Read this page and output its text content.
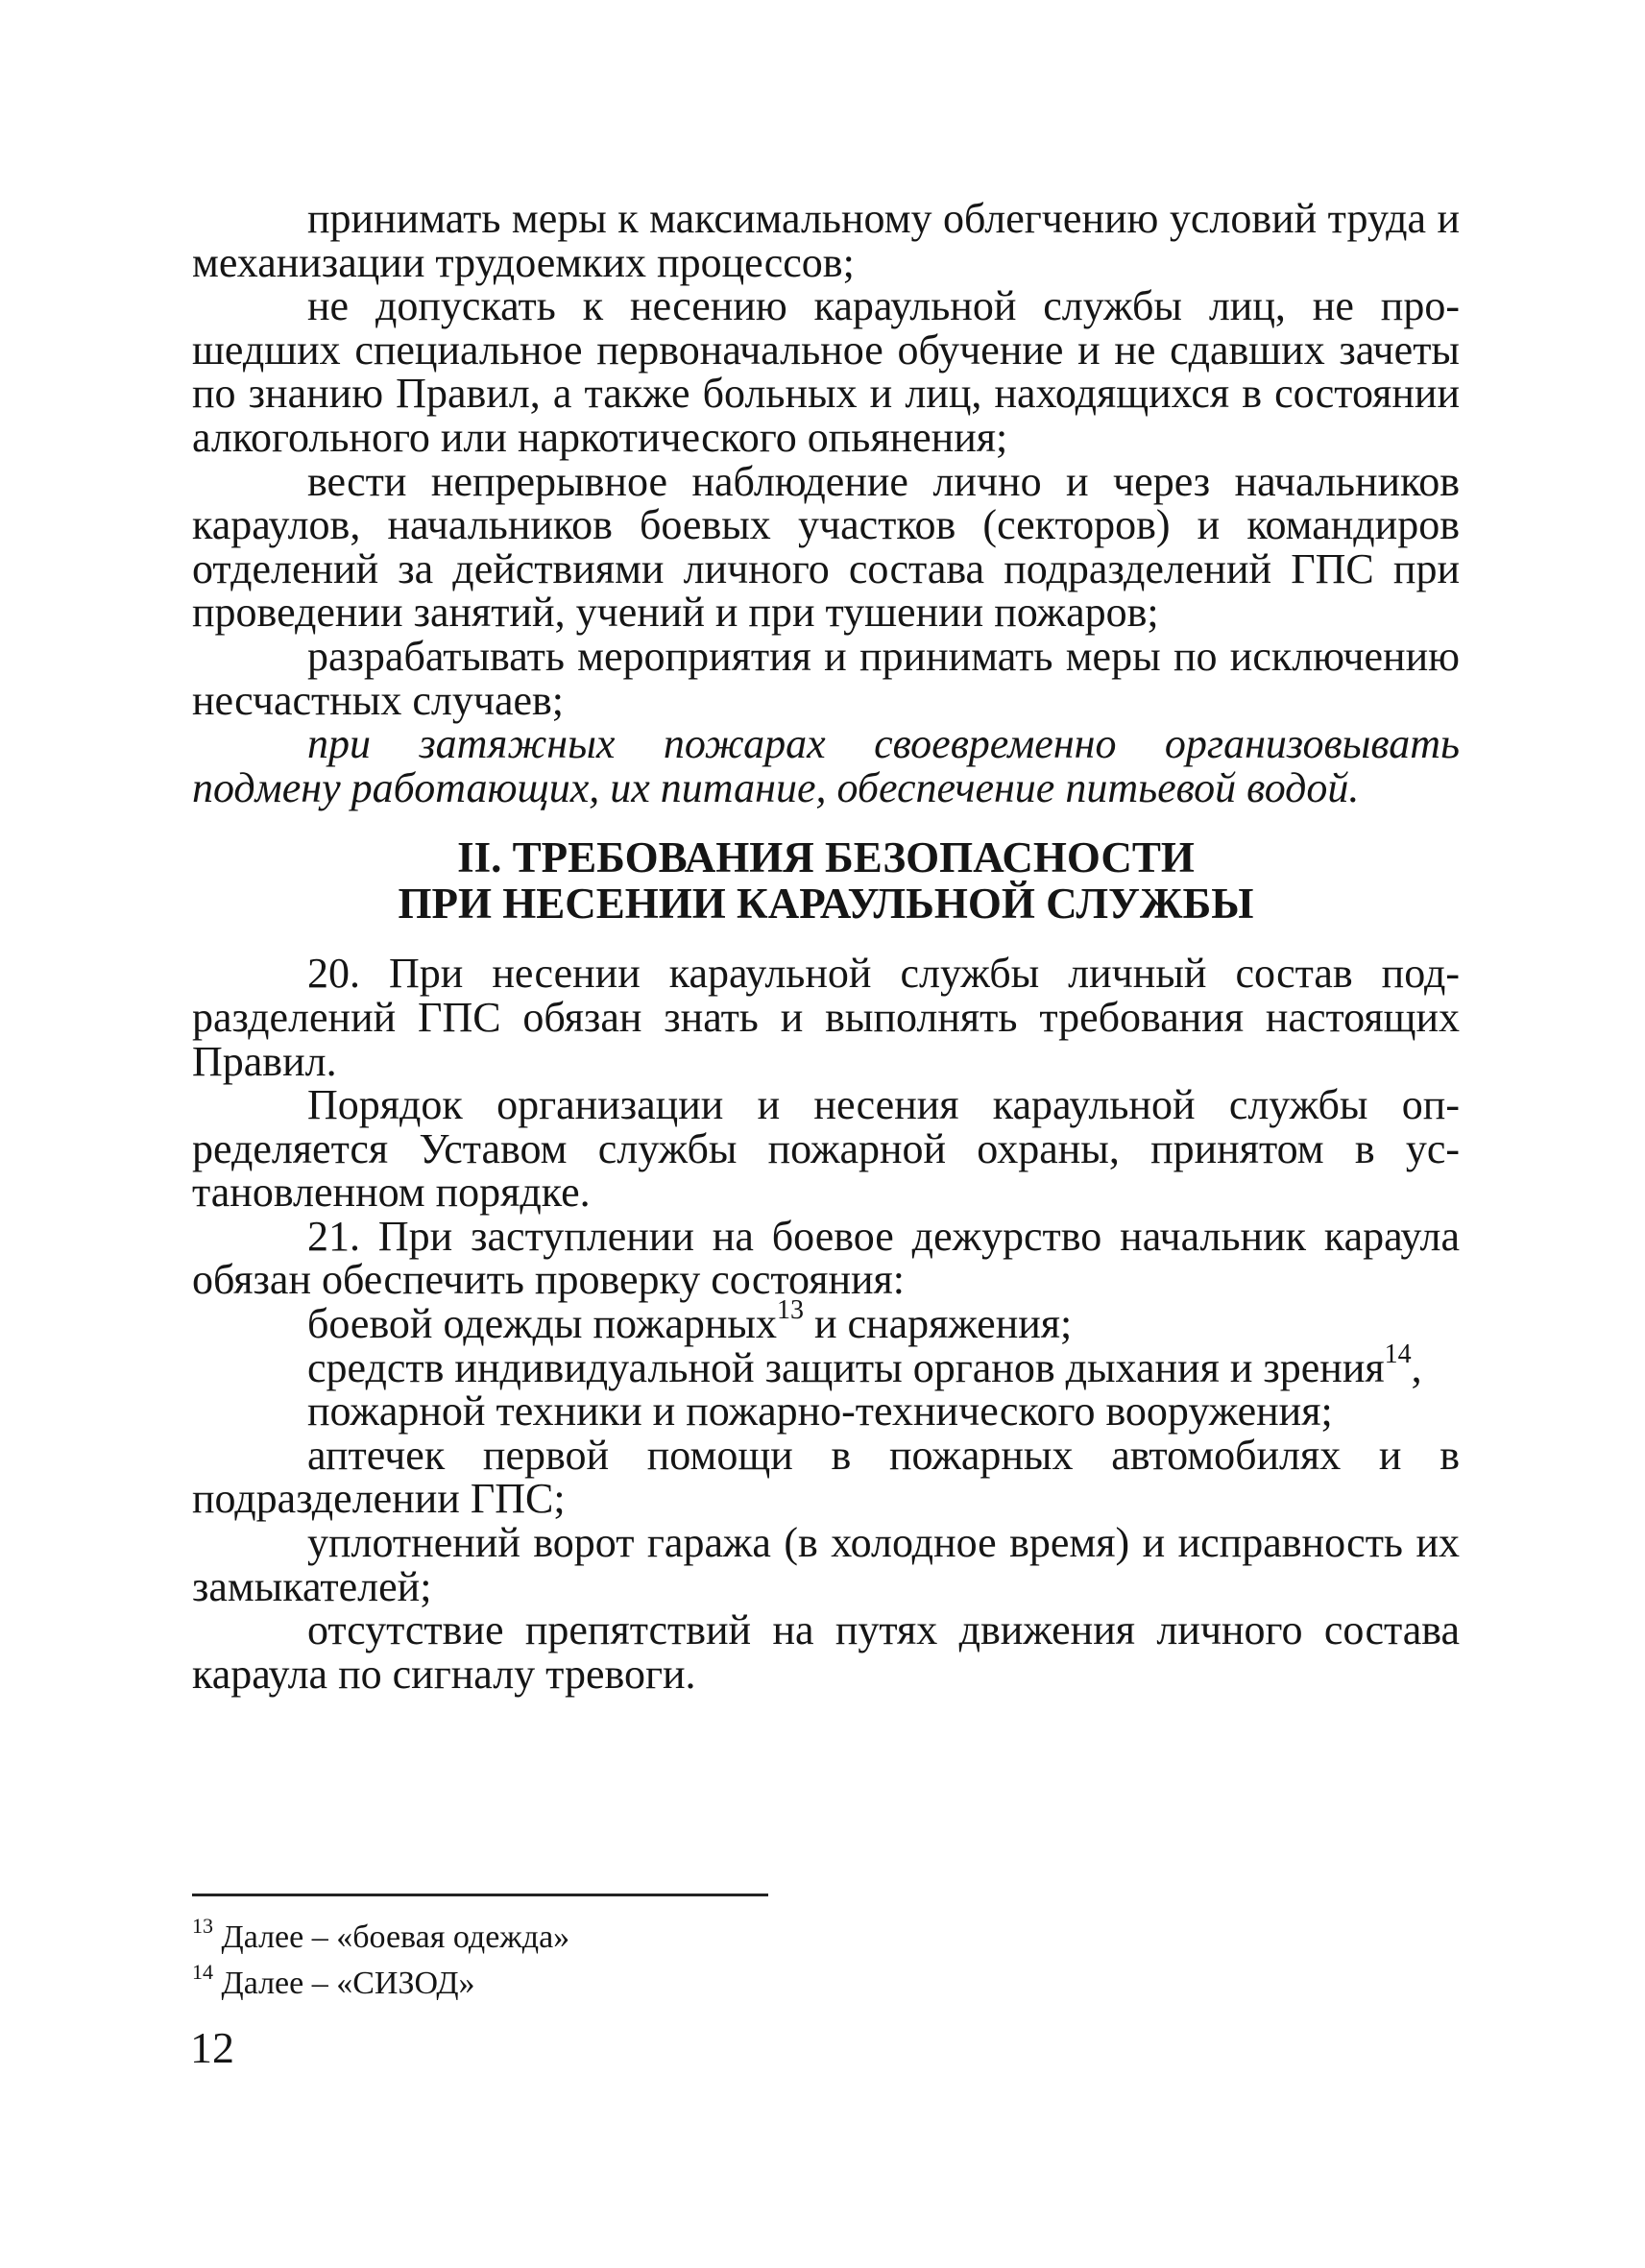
принимать меры к максимальному облегчению условий труда и механизации трудоемких процессов;

не допускать к несению караульной службы лиц, не прошедших специальное первоначальное обучение и не сдавших зачеты по знанию Правил, а также больных и лиц, находящихся в состоянии алкогольного или наркотического опьянения;

вести непрерывное наблюдение лично и через начальников караулов, начальников боевых участков (секторов) и командиров отделений за действиями личного состава подразделений ГПС при проведении занятий, учений и при тушении пожаров;

разрабатывать мероприятия и принимать меры по исключению несчастных случаев;

при затяжных пожарах своевременно организовывать подмену работающих, их питание, обеспечение питьевой водой.

II. ТРЕБОВАНИЯ БЕЗОПАСНОСТИ
ПРИ НЕСЕНИИ КАРАУЛЬНОЙ СЛУЖБЫ

20. При несении караульной службы личный состав подразделений ГПС обязан знать и выполнять требования настоящих Правил.

Порядок организации и несения караульной службы определяется Уставом службы пожарной охраны, принятом в установленном порядке.

21. При заступлении на боевое дежурство начальник караула обязан обеспечить проверку состояния:

боевой одежды пожарных$^{13}$ и снаряжения;

средств индивидуальной защиты органов дыхания и зрения$^{14}$,

пожарной техники и пожарно-технического вооружения;

аптечек первой помощи в пожарных автомобилях и в подразделении ГПС;

уплотнений ворот гаража (в холодное время) и исправность их замыкателей;

отсутствие препятствий на путях движения личного состава караула по сигналу тревоги.

$^{13}$ Далее – «боевая одежда»

$^{14}$ Далее – «СИЗОД»

12
